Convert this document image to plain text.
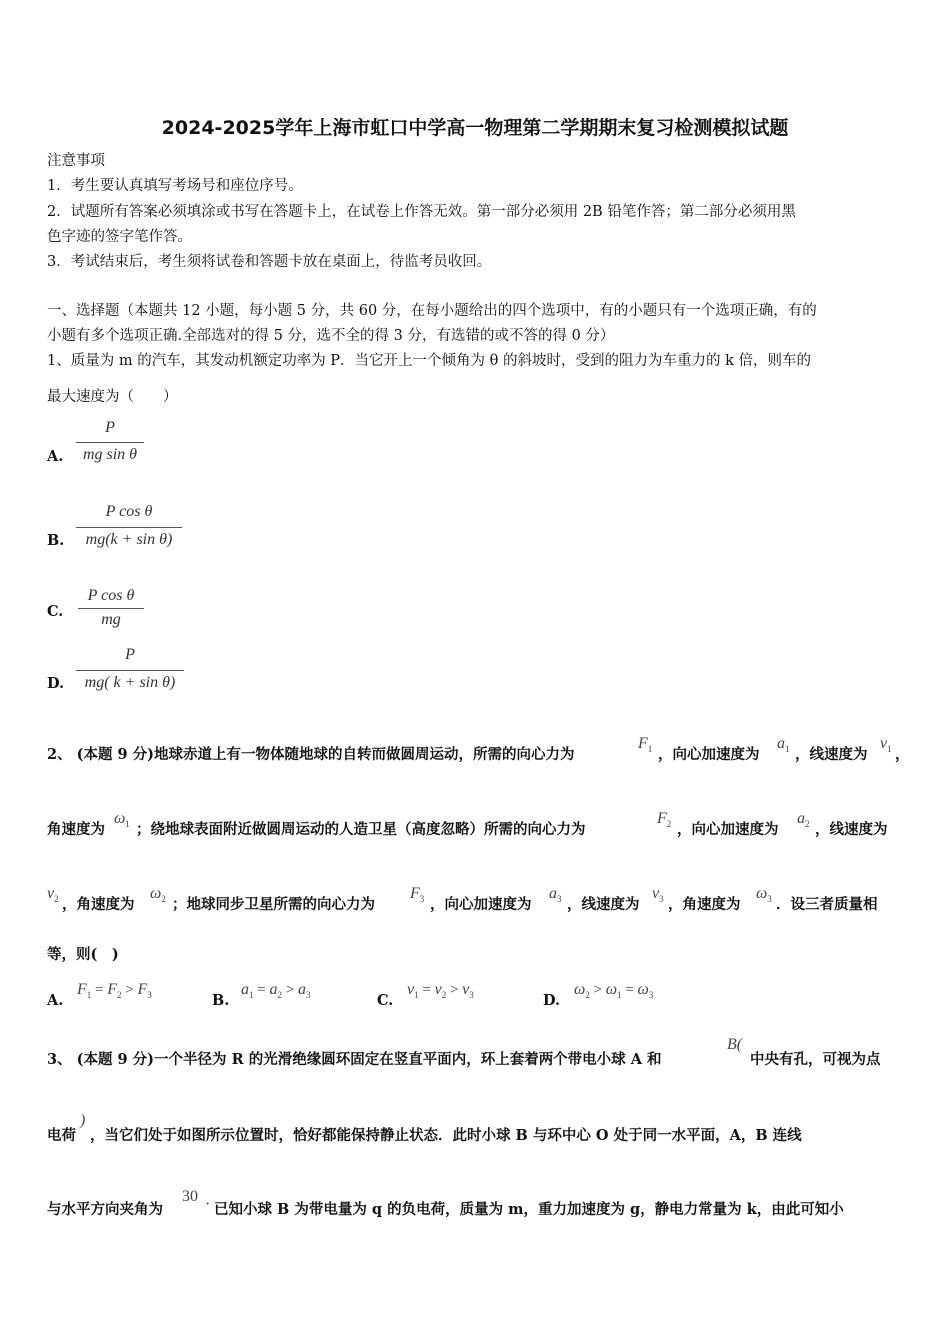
2024-2025学年上海市虹口中学高一物理第二学期期末复习检测模拟试题
注意事项
1．考生要认真填写考场号和座位序号。
2．试题所有答案必须填涂或书写在答题卡上，在试卷上作答无效。第一部分必须用 2B 铅笔作答；第二部分必须用黑
色字迹的签字笔作答。
3．考试结束后，考生须将试卷和答题卡放在桌面上，待监考员收回。
一、选择题（本题共 12 小题，每小题 5 分，共 60 分，在每小题给出的四个选项中，有的小题只有一个选项正确，有的
小题有多个选项正确.全部选对的得 5 分，选不全的得 3 分，有选错的或不答的得 0 分）
1、质量为 m 的汽车，其发动机额定功率为 P．当它开上一个倾角为 θ 的斜坡时，受到的阻力为车重力的 k 倍，则车的
最大速度为（　　）
A.
P
mg sin θ
B.
P cos θ
mg(k + sin θ)
C.
P cos θ
mg
D.
P
mg( k + sin θ)
2、 (本题 9 分)地球赤道上有一物体随地球的自转而做圆周运动，所需的向心力为
$F_1$ ，向心加速度为
$a_1$ ，线速度为
$v_1$ ，
角速度为
$\omega_1$ ；绕地球表面附近做圆周运动的人造卫星（高度忽略）所需的向心力为
$F_2$ ，向心加速度为
$a_2$ ，线速度为
$v_2$ ，角速度为
$\omega_2$ ；地球同步卫星所需的向心力为
$F_3$ ，向心加速度为
$a_3$ ，线速度为
$v_3$ ，角速度为
$\omega_3$ ．设三者质量相
等，则(　)
A.
$F_1 = F_2 > F_3$	B.
$a_1 = a_2 > a_3$	C.
$v_1 = v_2 > v_3$	D.
$\omega_2 > \omega_1 = \omega_3$
3、 (本题 9 分)一个半径为 R 的光滑绝缘圆环固定在竖直平面内，环上套着两个带电小球 A 和
B(
中央有孔，可视为点
电荷
)
，当它们处于如图所示位置时，恰好都能保持静止状态．此时小球 B 与环中心 O 处于同一水平面，A，B 连线
与水平方向夹角为
30 · 已知小球 B 为带电量为 q 的负电荷，质量为 m，重力加速度为 g，静电力常量为 k，由此可知小
